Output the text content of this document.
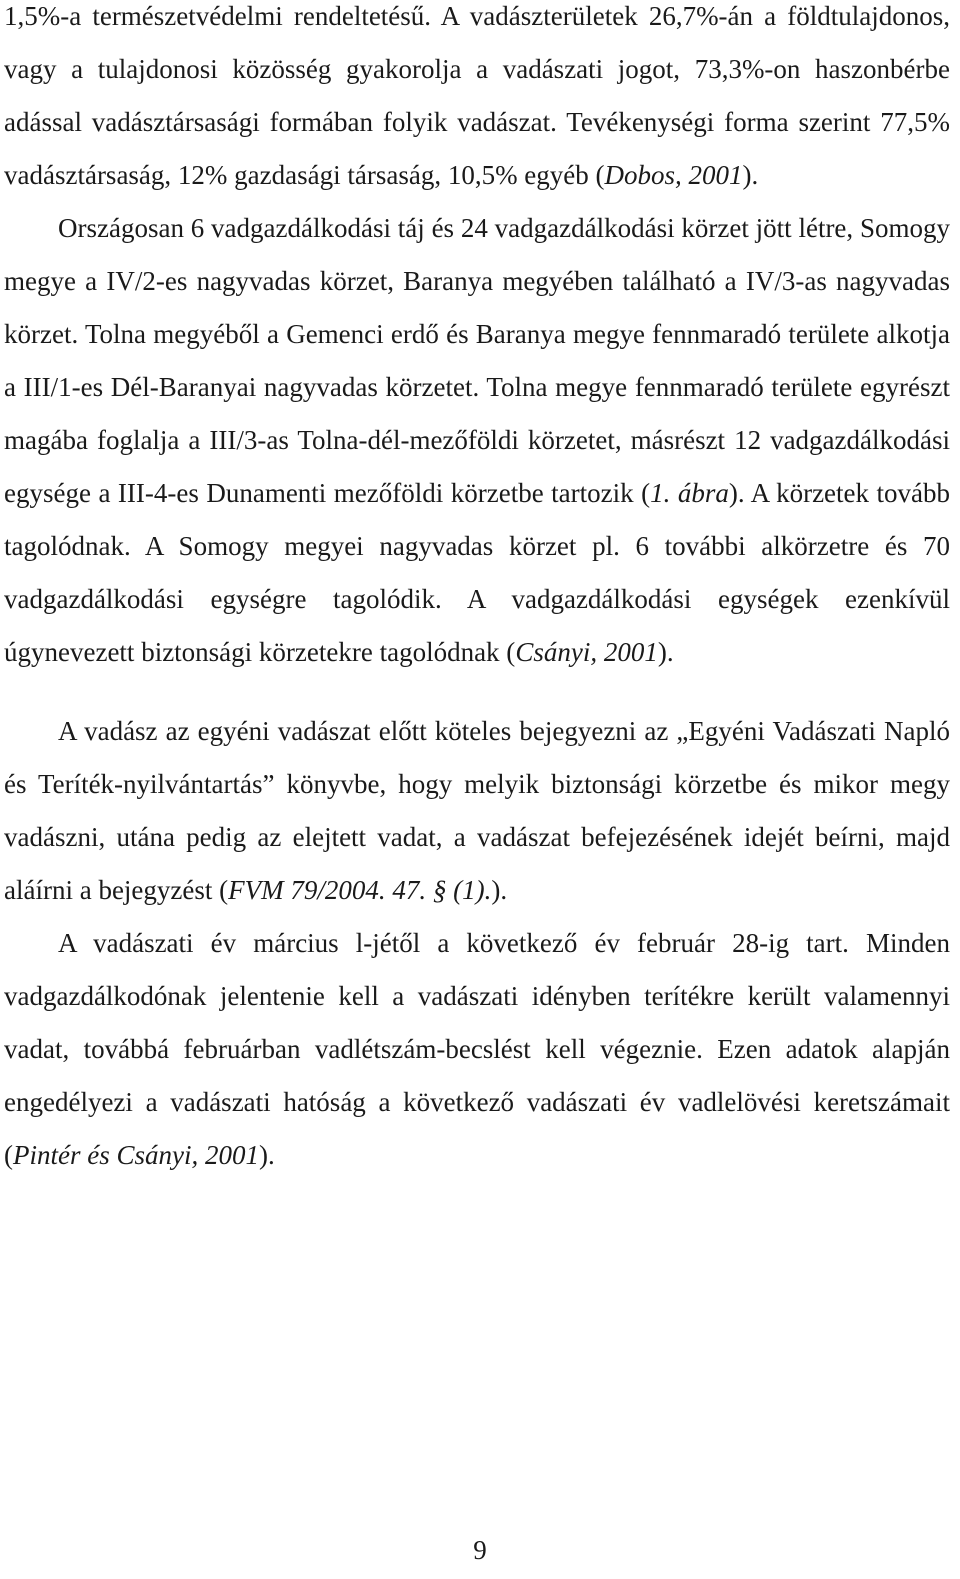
1,5%-a természetvédelmi rendeltetésű. A vadászterületek 26,7%-án a földtulajdonos, vagy a tulajdonosi közösség gyakorolja a vadászati jogot, 73,3%-on haszonbérbe adással vadásztársasági formában folyik vadászat. Tevékenységi forma szerint 77,5% vadásztársaság, 12% gazdasági társaság, 10,5% egyéb (Dobos, 2001).

Országosan 6 vadgazdálkodási táj és 24 vadgazdálkodási körzet jött létre, Somogy megye a IV/2-es nagyvadas körzet, Baranya megyében található a IV/3-as nagyvadas körzet. Tolna megyéből a Gemenci erdő és Baranya megye fennmaradó területe alkotja a III/1-es Dél-Baranyai nagyvadas körzetet. Tolna megye fennmaradó területe egyrészt magába foglalja a III/3-as Tolna-dél-mezőföldi körzetet, másrészt 12 vadgazdálkodási egysége a III-4-es Dunamenti mezőföldi körzetbe tartozik (1. ábra). A körzetek tovább tagolódnak. A Somogy megyei nagyvadas körzet pl. 6 további alkörzetre és 70 vadgazdálkodási egységre tagolódik. A vadgazdálkodási egységek ezenkívül úgynevezett biztonsági körzetekre tagolódnak (Csányi, 2001).

A vadász az egyéni vadászat előtt köteles bejegyezni az „Egyéni Vadászati Napló és Teríték-nyilvántartás” könyvbe, hogy melyik biztonsági körzetbe és mikor megy vadászni, utána pedig az elejtett vadat, a vadászat befejezésének idejét beírni, majd aláírni a bejegyzést (FVM 79/2004. 47. § (1).).

A vadászati év március l-jétől a következő év február 28-ig tart. Minden vadgazdálkodónak jelentenie kell a vadászati idényben terítékre került valamennyi vadat, továbbá februárban vadlétszám-becslést kell végeznie. Ezen adatok alapján engedélyezi a vadászati hatóság a következő vadászati év vadlelövési keretszámait (Pintér és Csányi, 2001).

9
